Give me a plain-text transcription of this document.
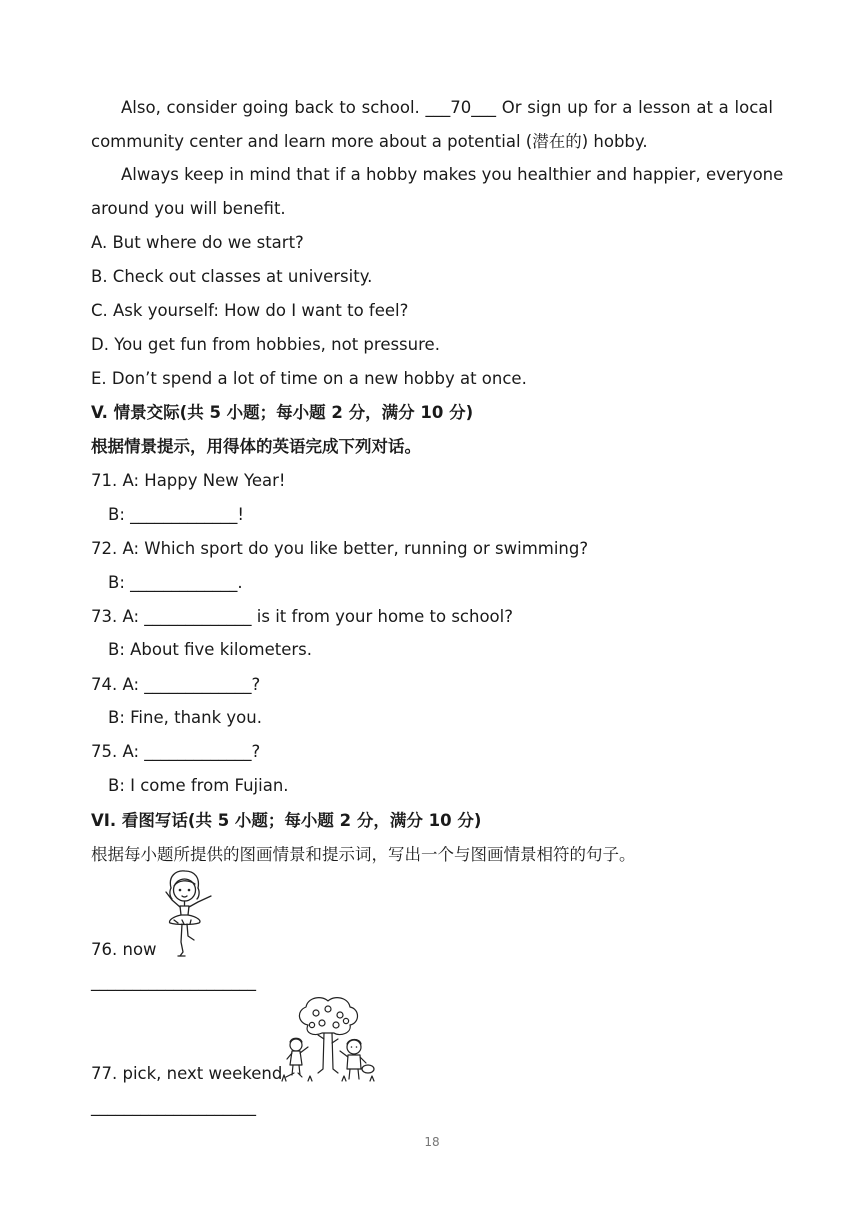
Also, consider going back to school. ___70___ Or sign up for a lesson at a local
community center and learn more about a potential (潜在的) hobby.
Always keep in mind that if a hobby makes you healthier and happier, everyone
around you will benefit.
A. But where do we start?
B. Check out classes at university.
C. Ask yourself: How do I want to feel?
D. You get fun from hobbies, not pressure.
E. Don’t spend a lot of time on a new hobby at once.
V. 情景交际(共 5 小题；每小题 2 分，满分 10 分)
根据情景提示，用得体的英语完成下列对话。
71. A: Happy New Year!
B: _____________!
72. A: Which sport do you like better, running or swimming?
B: _____________.
73. A: _____________ is it from your home to school?
B: About five kilometers.
74. A: _____________?
B: Fine, thank you.
75. A: _____________?
B: I come from Fujian.
VI. 看图写话(共 5 小题；每小题 2 分，满分 10 分)
根据每小题所提供的图画情景和提示词，写出一个与图画情景相符的句子。
76. now
____________________
77. pick, next weekend
____________________
18
